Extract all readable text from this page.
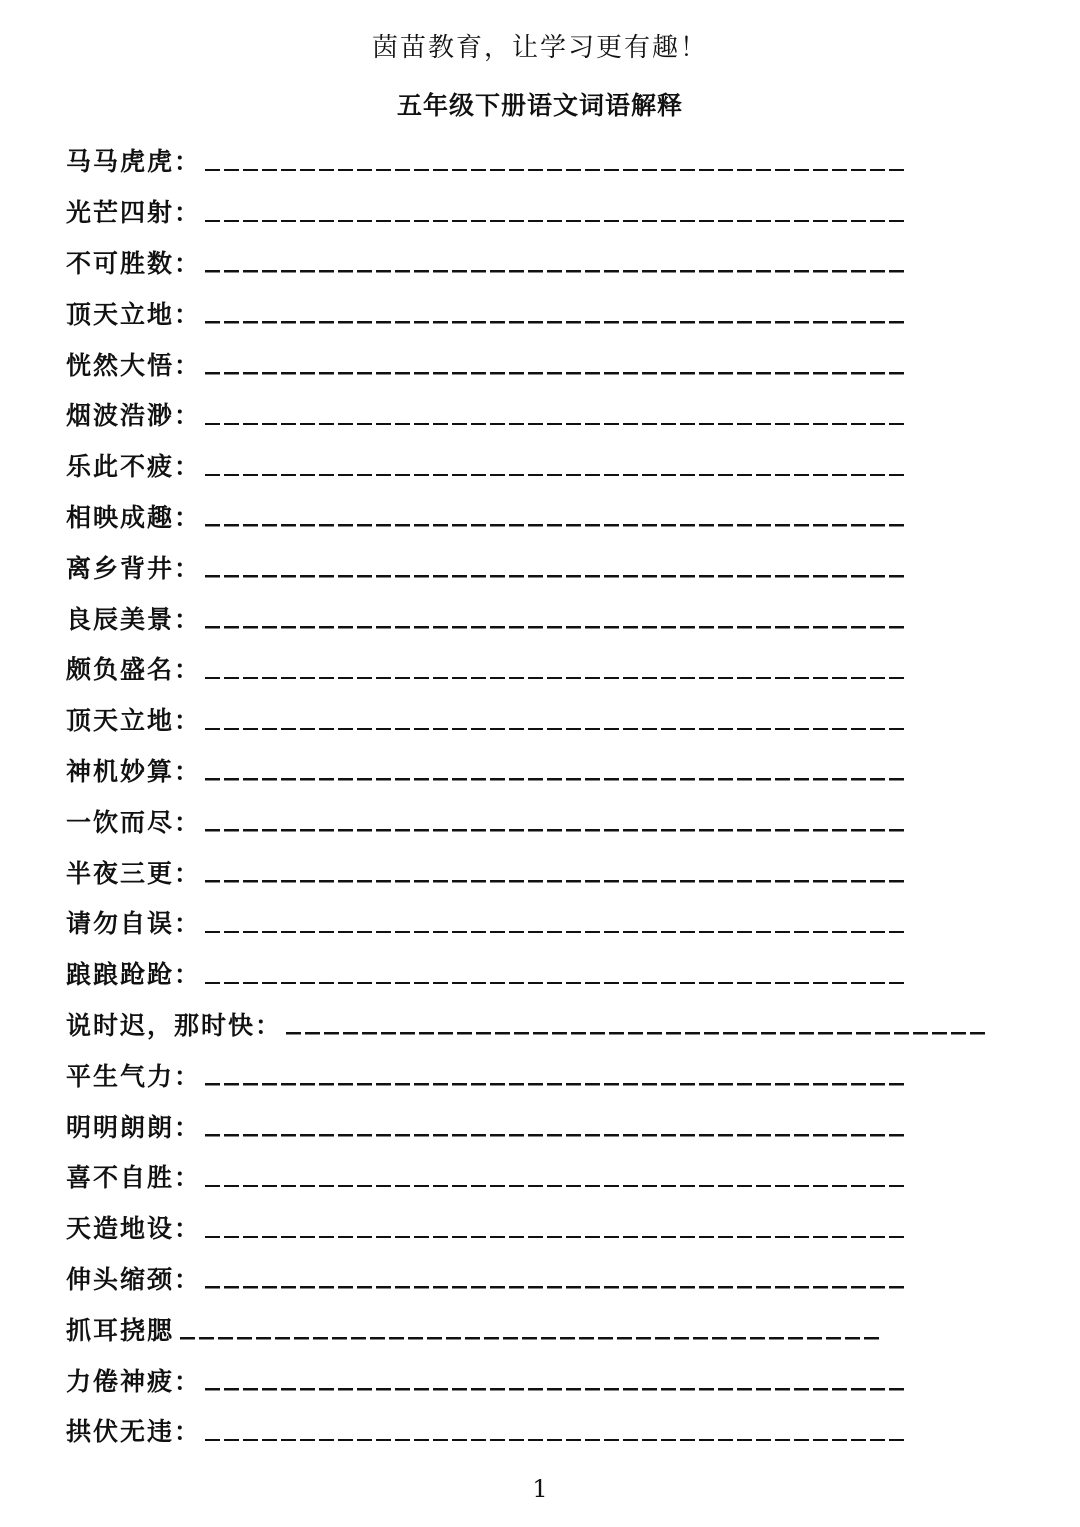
茵苗教育，让学习更有趣！
五年级下册语文词语解释
马马虎虎 ：
光芒四射 ：
不可胜数 ：
顶天立地 ：
恍然大悟 ：
烟波浩渺 ：
乐此不疲 ：
相映成趣 ：
离乡背井 ：
良辰美景 ：
颇负盛名 ：
顶天立地 ：
神机妙算 ：
一饮而尽 ：
半夜三更 ：
请勿自误 ：
踉踉跄跄 ：
说时迟，那时快 ：
平生气力 ：
明明朗朗 ：
喜不自胜 ：
天造地设 ：
伸头缩颈 ：
抓耳挠腮
力倦神疲 ：
拱伏无违 ：
1
